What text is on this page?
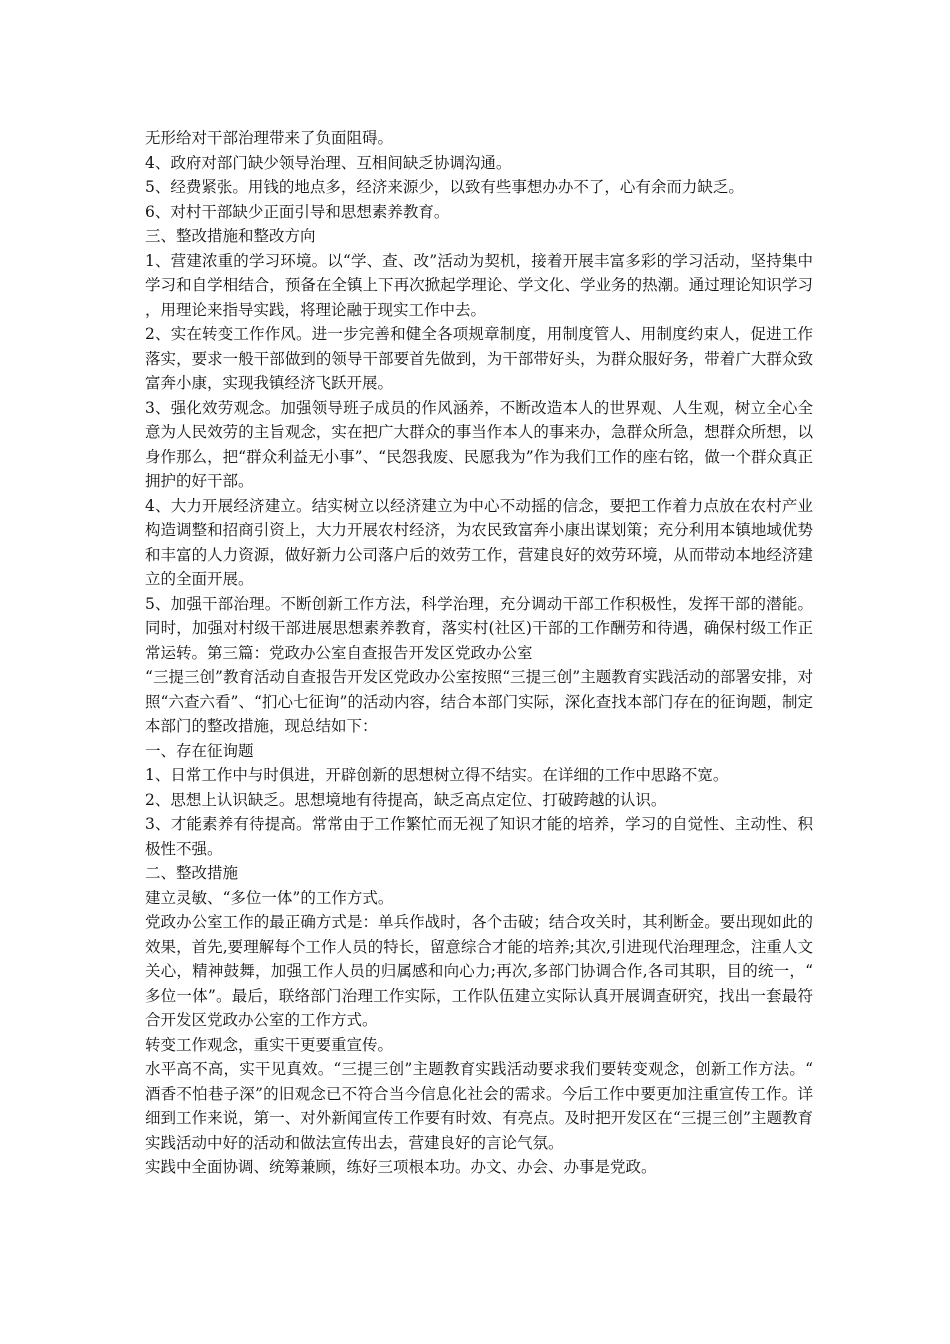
无形给对干部治理带来了负面阻碍。

4、政府对部门缺少领导治理、互相间缺乏协调沟通。

5、经费紧张。用钱的地点多，经济来源少，以致有些事想办办不了，心有余而力缺乏。

6、对村干部缺少正面引导和思想素养教育。

三、整改措施和整改方向

1、营建浓重的学习环境。以“学、查、改”活动为契机，接着开展丰富多彩的学习活动，坚持集中学习和自学相结合，预备在全镇上下再次掀起学理论、学文化、学业务的热潮。通过理论知识学习，用理论来指导实践，将理论融于现实工作中去。

2、实在转变工作作风。进一步完善和健全各项规章制度，用制度管人、用制度约束人，促进工作落实，要求一般干部做到的领导干部要首先做到，为干部带好头，为群众服好务，带着广大群众致富奔小康，实现我镇经济飞跃开展。

3、强化效劳观念。加强领导班子成员的作风涵养，不断改造本人的世界观、人生观，树立全心全意为人民效劳的主旨观念，实在把广大群众的事当作本人的事来办，急群众所急，想群众所想，以身作那么，把“群众利益无小事”、“民怨我废、民愿我为”作为我们工作的座右铭，做一个群众真正拥护的好干部。

4、大力开展经济建立。结实树立以经济建立为中心不动摇的信念，要把工作着力点放在农村产业构造调整和招商引资上，大力开展农村经济，为农民致富奔小康出谋划策；充分利用本镇地域优势和丰富的人力资源，做好新力公司落户后的效劳工作，营建良好的效劳环境，从而带动本地经济建立的全面开展。

5、加强干部治理。不断创新工作方法，科学治理，充分调动干部工作积极性，发挥干部的潜能。同时，加强对村级干部进展思想素养教育，落实村(社区)干部的工作酬劳和待遇，确保村级工作正常运转。第三篇：党政办公室自查报告开发区党政办公室

“三提三创”教育活动自查报告开发区党政办公室按照“三提三创”主题教育实践活动的部署安排，对照“六查六看”、“扪心七征询”的活动内容，结合本部门实际，深化查找本部门存在的征询题，制定本部门的整改措施，现总结如下：

一、存在征询题

1、日常工作中与时俱进，开辟创新的思想树立得不结实。在详细的工作中思路不宽。

2、思想上认识缺乏。思想境地有待提高，缺乏高点定位、打破跨越的认识。

3、才能素养有待提高。常常由于工作繁忙而无视了知识才能的培养，学习的自觉性、主动性、积极性不强。

二、整改措施

建立灵敏、“多位一体”的工作方式。

党政办公室工作的最正确方式是：单兵作战时，各个击破；结合攻关时，其利断金。要出现如此的效果，首先,要理解每个工作人员的特长，留意综合才能的培养;其次,引进现代治理理念，注重人文关心，精神鼓舞，加强工作人员的归属感和向心力;再次,多部门协调合作,各司其职，目的统一，“多位一体”。最后，联络部门治理工作实际，工作队伍建立实际认真开展调查研究，找出一套最符合开发区党政办公室的工作方式。

转变工作观念，重实干更要重宣传。

水平高不高，实干见真效。“三提三创”主题教育实践活动要求我们要转变观念，创新工作方法。“酒香不怕巷子深”的旧观念已不符合当今信息化社会的需求。今后工作中要更加注重宣传工作。详细到工作来说，第一、对外新闻宣传工作要有时效、有亮点。及时把开发区在“三提三创”主题教育实践活动中好的活动和做法宣传出去，营建良好的言论气氛。

实践中全面协调、统筹兼顾，练好三项根本功。办文、办会、办事是党政。
